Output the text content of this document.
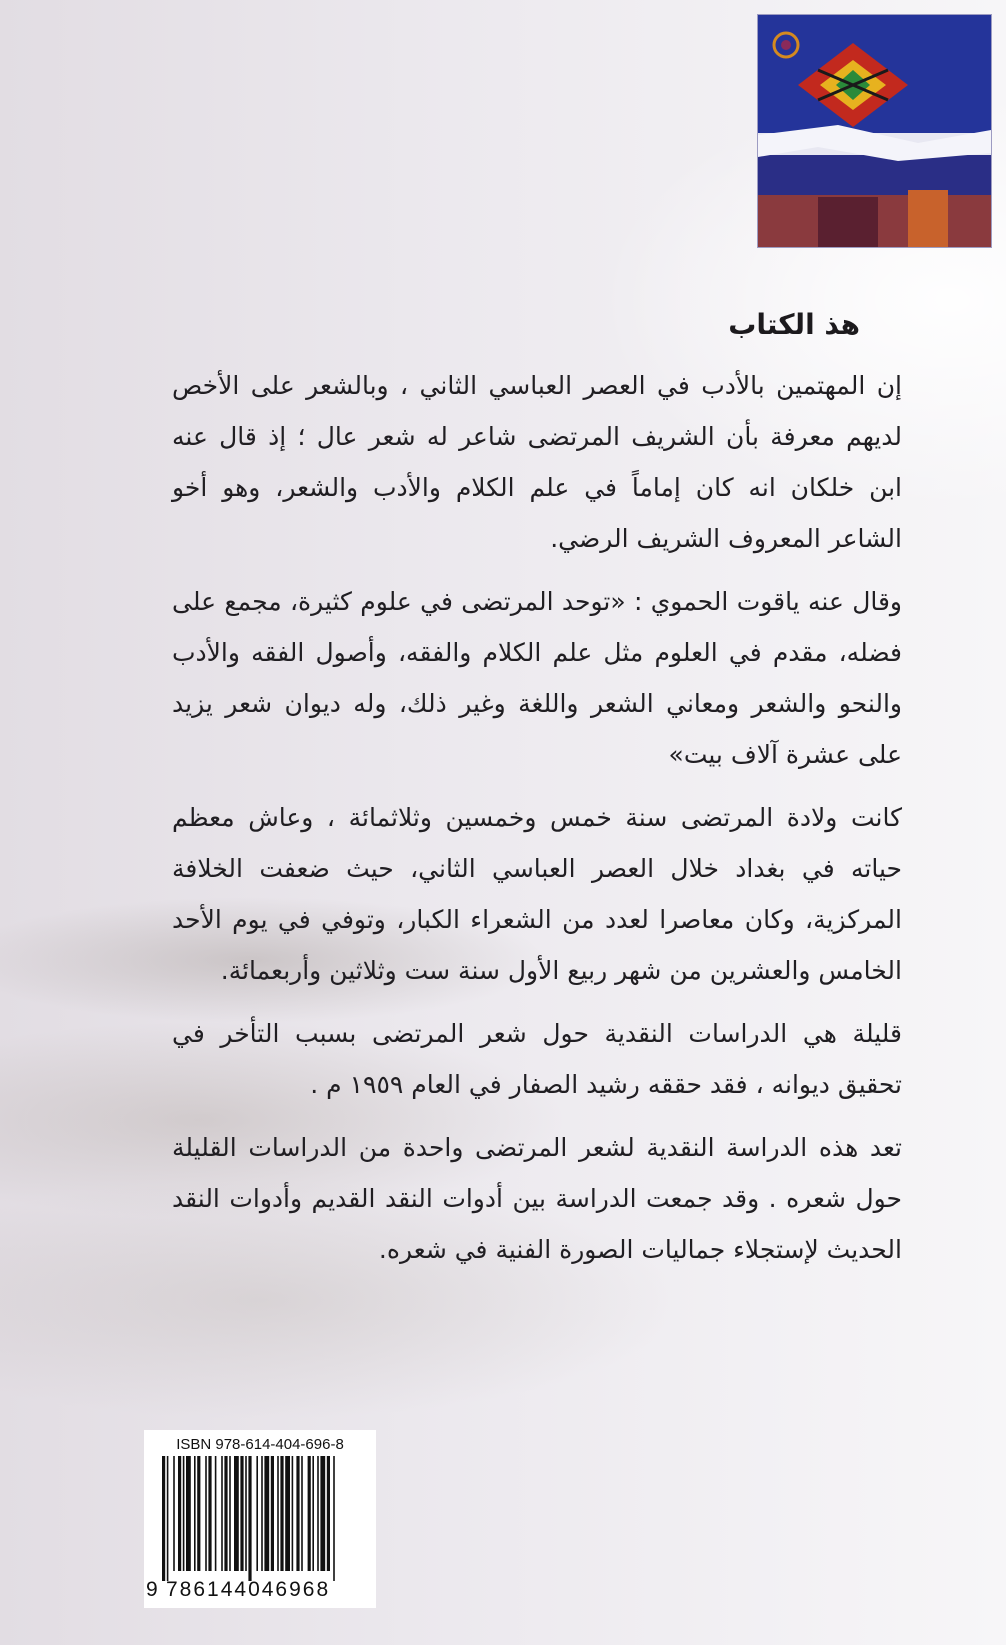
هذ الكتاب

إن المهتمين بالأدب في العصر العباسي الثاني ، وبالشعر على الأخص لديهم معرفة بأن الشريف المرتضى شاعر له شعر عال ؛ إذ قال عنه ابن خلكان انه كان إماماً في علم الكلام والأدب والشعر، وهو أخو الشاعر المعروف الشريف الرضي.

وقال عنه ياقوت الحموي : «توحد المرتضى في علوم كثيرة، مجمع على فضله، مقدم في العلوم مثل علم الكلام والفقه، وأصول الفقه والأدب والنحو والشعر ومعاني الشعر واللغة وغير ذلك، وله ديوان شعر يزيد على عشرة آلاف بيت»

كانت ولادة المرتضى سنة خمس وخمسين وثلاثمائة ، وعاش معظم حياته في بغداد خلال العصر العباسي الثاني، حيث ضعفت الخلافة المركزية، وكان معاصرا لعدد من الشعراء الكبار، وتوفي في يوم الأحد الخامس والعشرين من شهر ربيع الأول سنة ست وثلاثين وأربعمائة.

قليلة هي الدراسات النقدية حول شعر المرتضى بسبب التأخر في تحقيق ديوانه ، فقد حققه رشيد الصفار في العام ١٩٥٩ م .

تعد هذه الدراسة النقدية لشعر المرتضى واحدة من الدراسات القليلة حول شعره . وقد جمعت الدراسة بين أدوات النقد القديم وأدوات النقد الحديث لإستجلاء جماليات الصورة الفنية في شعره.

ISBN 978-614-404-696-8
9 786144046968
